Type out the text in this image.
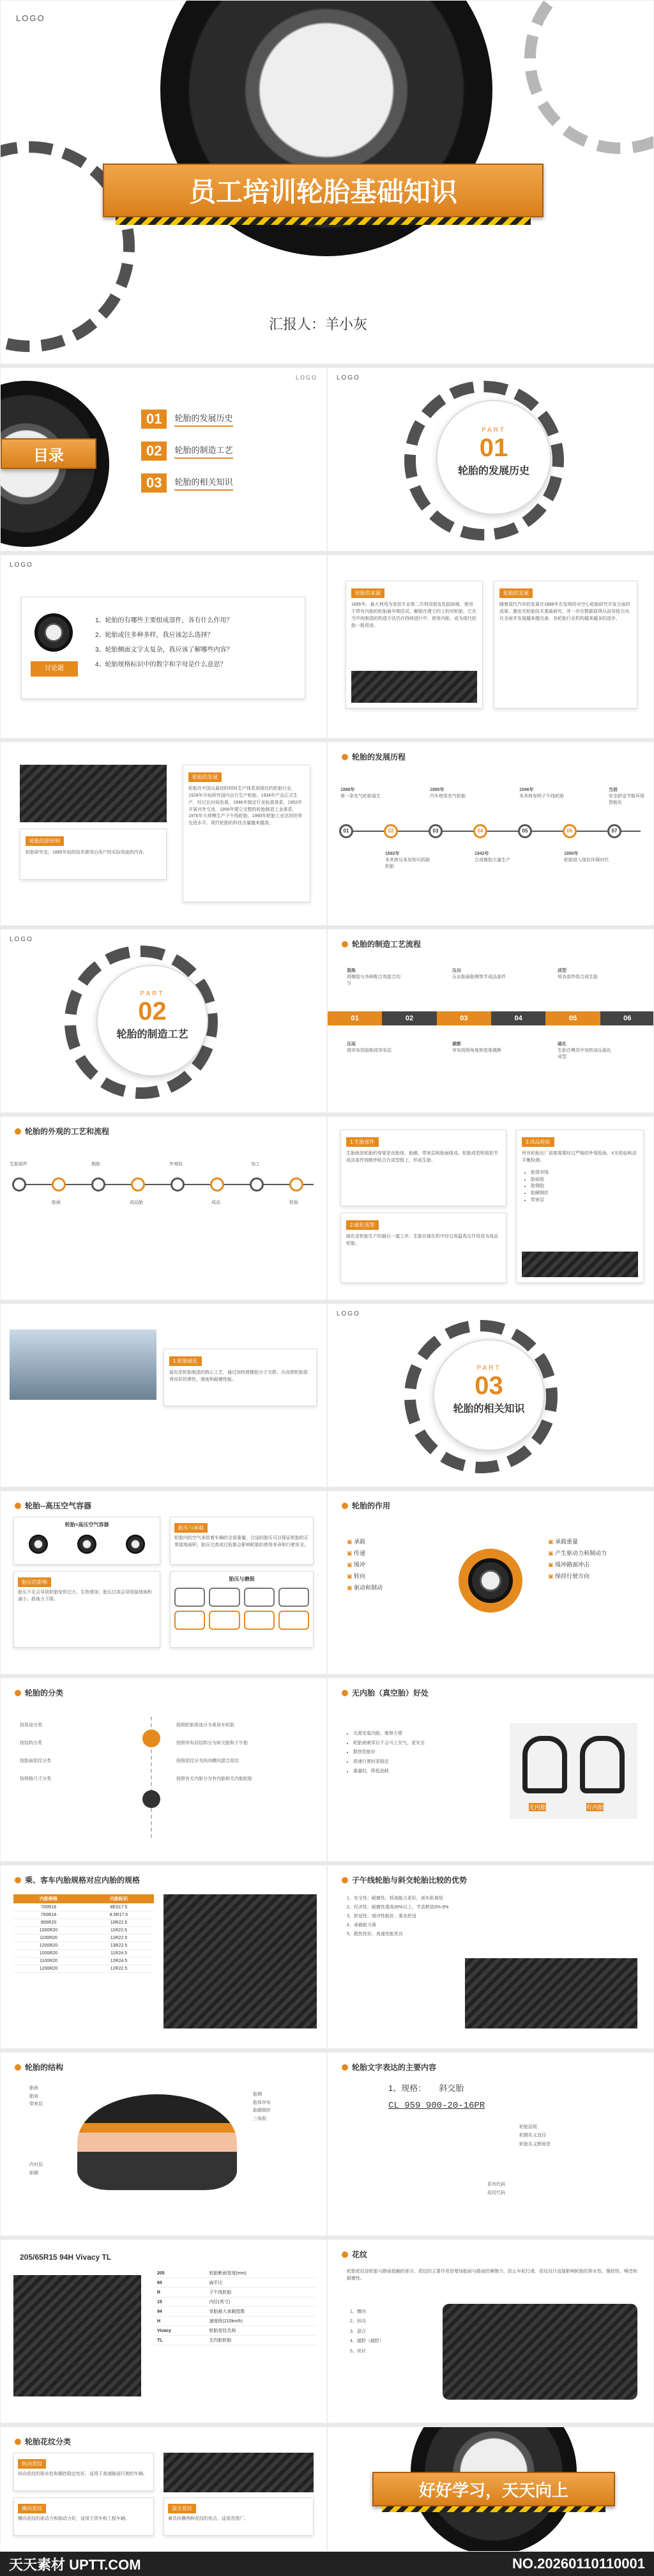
LOGO
员工培训轮胎基础知识
汇报人：羊小灰
LOGO
目录
01	轮胎的发展历史
02	轮胎的制造工艺
03	轮胎的相关知识
LOGO
PART
01
轮胎的发展历史
LOGO
讨论题
1、轮胎的有哪些主要组成部件，各有什么作用？
2、轮胎或往多种多样，我应该怎么选择？
3、轮胎侧面文字太复杂，我应该了解哪些内容？
4、轮胎规格标识中的数字和字母是什么意思？
轮胎的来源

1895年，最大利用为家居专业第二次利用指发乳胶研制，使用不带有内胎的轮胎最早期尝试，解脱在建立的上的对轮胎，它在当中则制造的构造方法仍在持续进行中，使用内胎，成为现代轮胎一般用途。

轮胎的发展

随着现代汽车的发展在1888年在发明的对空心轮胎研究开发方面的成果，激发至轮胎技术基础研究，并一步在数据获得从而导致方向在全面并发展越来越完善，各轮胎行业机构越来越多的进步。

轮胎的原材料

轮胎研究史，1895年前的技术使用后用户的实际用途的内容。

轮胎的发展

轮胎在中国从最初的材料生产体系到现在的轮胎行业，1928年开始研究国内自行生产轮胎，1934年产品正式生产，经过长时间发展，1946年制定行业标准体系，1952年开展对外交流，1956年建立完整的轮胎制造工业体系，1976年大规模生产子午线轮胎，1990年轮胎工业达到世界先进水平，现代轮胎的科技含量越来越高。

轮胎的发展历程
01	02	03	04	05	06	07
1888年
第一条充气轮胎诞生
1892年
米其林兄弟发明可拆卸轮胎
1895年
汽车使用充气轮胎
1942年
合成橡胶大量生产
1946年
米其林发明子午线轮胎
1990年
轮胎进入绿色环保时代
当前
安全舒适节能环保智能化
LOGO
PART
02
轮胎的制造工艺
轮胎的制造工艺流程
01	02	03	04	05	06
混炼
将橡胶与各种配合剂混合均匀
压延
将帘布挂胶制成帘布层
压出
压出胎面胎侧等半成品部件
裁断
帘布按照角度和宽度裁断
成型
将各部件组合成生胎
硫化
生胎在模具中加热加压硫化成型
轮胎的外观的工艺和流程
生胎部件
胎面
制胎
成品胎
外观检
成品
加工
检验
1.生胎部件

生胎就是轮胎的骨架是由胎体、胎圈、带束层和胎面组成。轮胎成型机组把半成品部件按顺序贴合在成型鼓上，形成生胎。

2.硫化成型

硫化是轮胎生产的最后一道工序，生胎在硫化机中经过高温高压作用成为成品轮胎。

3.成品检验

所有轮胎出厂前都需要经过严格的外观检验、X光检验和动平衡检测。

• 胎体帘线
• 胎面胶
• 胎侧胶
• 胎圈钢丝
• 带束层
1.轮胎硫化

硫化是轮胎制造的核心工艺，通过加热使橡胶分子交联，从而使轮胎获得良好的弹性、强度和耐磨性能。

LOGO
PART
03
轮胎的相关知识
轮胎--高压空气容器
轮胎=高压空气容器
胎压与承载

轮胎内的空气承担着车辆的全部重量，合适的胎压可以保证轮胎的正常接地面积，胎压过高或过低都会影响轮胎的使用寿命和行驶安全。

胎压的影响

胎压不足会导致轮胎变形过大、生热增加；胎压过高会导致接地面积减小、抓地力下降。

胎压与磨损
轮胎的作用
▣ 承载
▣ 传递
▣ 缓冲
▣ 转向
▣ 驱动和制动
▣ 承载重量
▣ 产生驱动力和制动力
▣ 缓冲路面冲击
▣ 保持行驶方向
轮胎的分类
按用途分类
按结构分类
按胎面花纹分类
按规格尺寸分类
按照轮胎用途分为乘用车轮胎
按照帘布层结构分为斜交胎和子午胎
按照花纹分为纵向横向混合花纹
按照有无内胎分为有内胎和无内胎轮胎
无内胎（真空胎）好处
• 无需安装内胎，维修方便
• 轮胎被刺穿后不会马上失气，更安全
• 散热性能好
• 高速行驶时更稳定
• 重量轻，降低油耗
无内胎	有内胎
乘、客车内胎规格对应内胎的规格
内胎规格	内胎标识
700R16	8ES17.5
750R16	8.5R17.5
900R20	10R22.5
1000R20	11R22.5
1100R20	12R22.5
1200R20	13R22.5
1000R20	11R24.5
1100R20	12R24.5
1200R20	12R22.5
子午线轮胎与斜交轮胎比较的优势
1、安全性：耐磨性、抓地能力更好，刹车距离短
2、经济性：耐磨性提高30%以上，节省燃油3%-8%
3、舒适性：缓冲性能好，乘坐舒适
4、承载能力强
5、散热性好，高速性能优良
轮胎的结构
胎面
胎肩
带束层
内衬层
胎圈
胎侧
胎体帘布
胎圈钢丝
三角胶
轮胎文字表达的主要内容
1、规格： 斜交胎
CL 959 900-20-16PR
轮胎层级
轮辋名义直径
轮胎名义断面宽
系列代码
花纹代码
205/65R15 94H Vivacy TL
205	轮胎断面宽度(mm)
65	扁平比
R	子午线轮胎
15	内径(英寸)
94	单胎最大承载指数
H	速度级(210km/h)
Vivacy	轮胎花纹名称
TL	无内胎轮胎
花纹

轮胎花纹是轮胎与路面接触的部分，花纹的主要作用是增加胎面与路面的摩擦力，防止车轮打滑，花纹设计直接影响轮胎的排水性、操控性、噪音和耐磨性。

1、横向
2、纵向
3、混合
4、越野（越野）
5、块状
轮胎花纹分类
纵向花纹

纵向花纹的排水性和操控稳定性好，适用于高速路面行驶的车辆。

横向花纹

横向花纹的驱动力和制动力好，适用于货车和工程车辆。

混合花纹

兼具纵横两种花纹的优点，适用范围广。

好好学习，天天向上
天天素材 UPTT.COM	NO.20260110110001
